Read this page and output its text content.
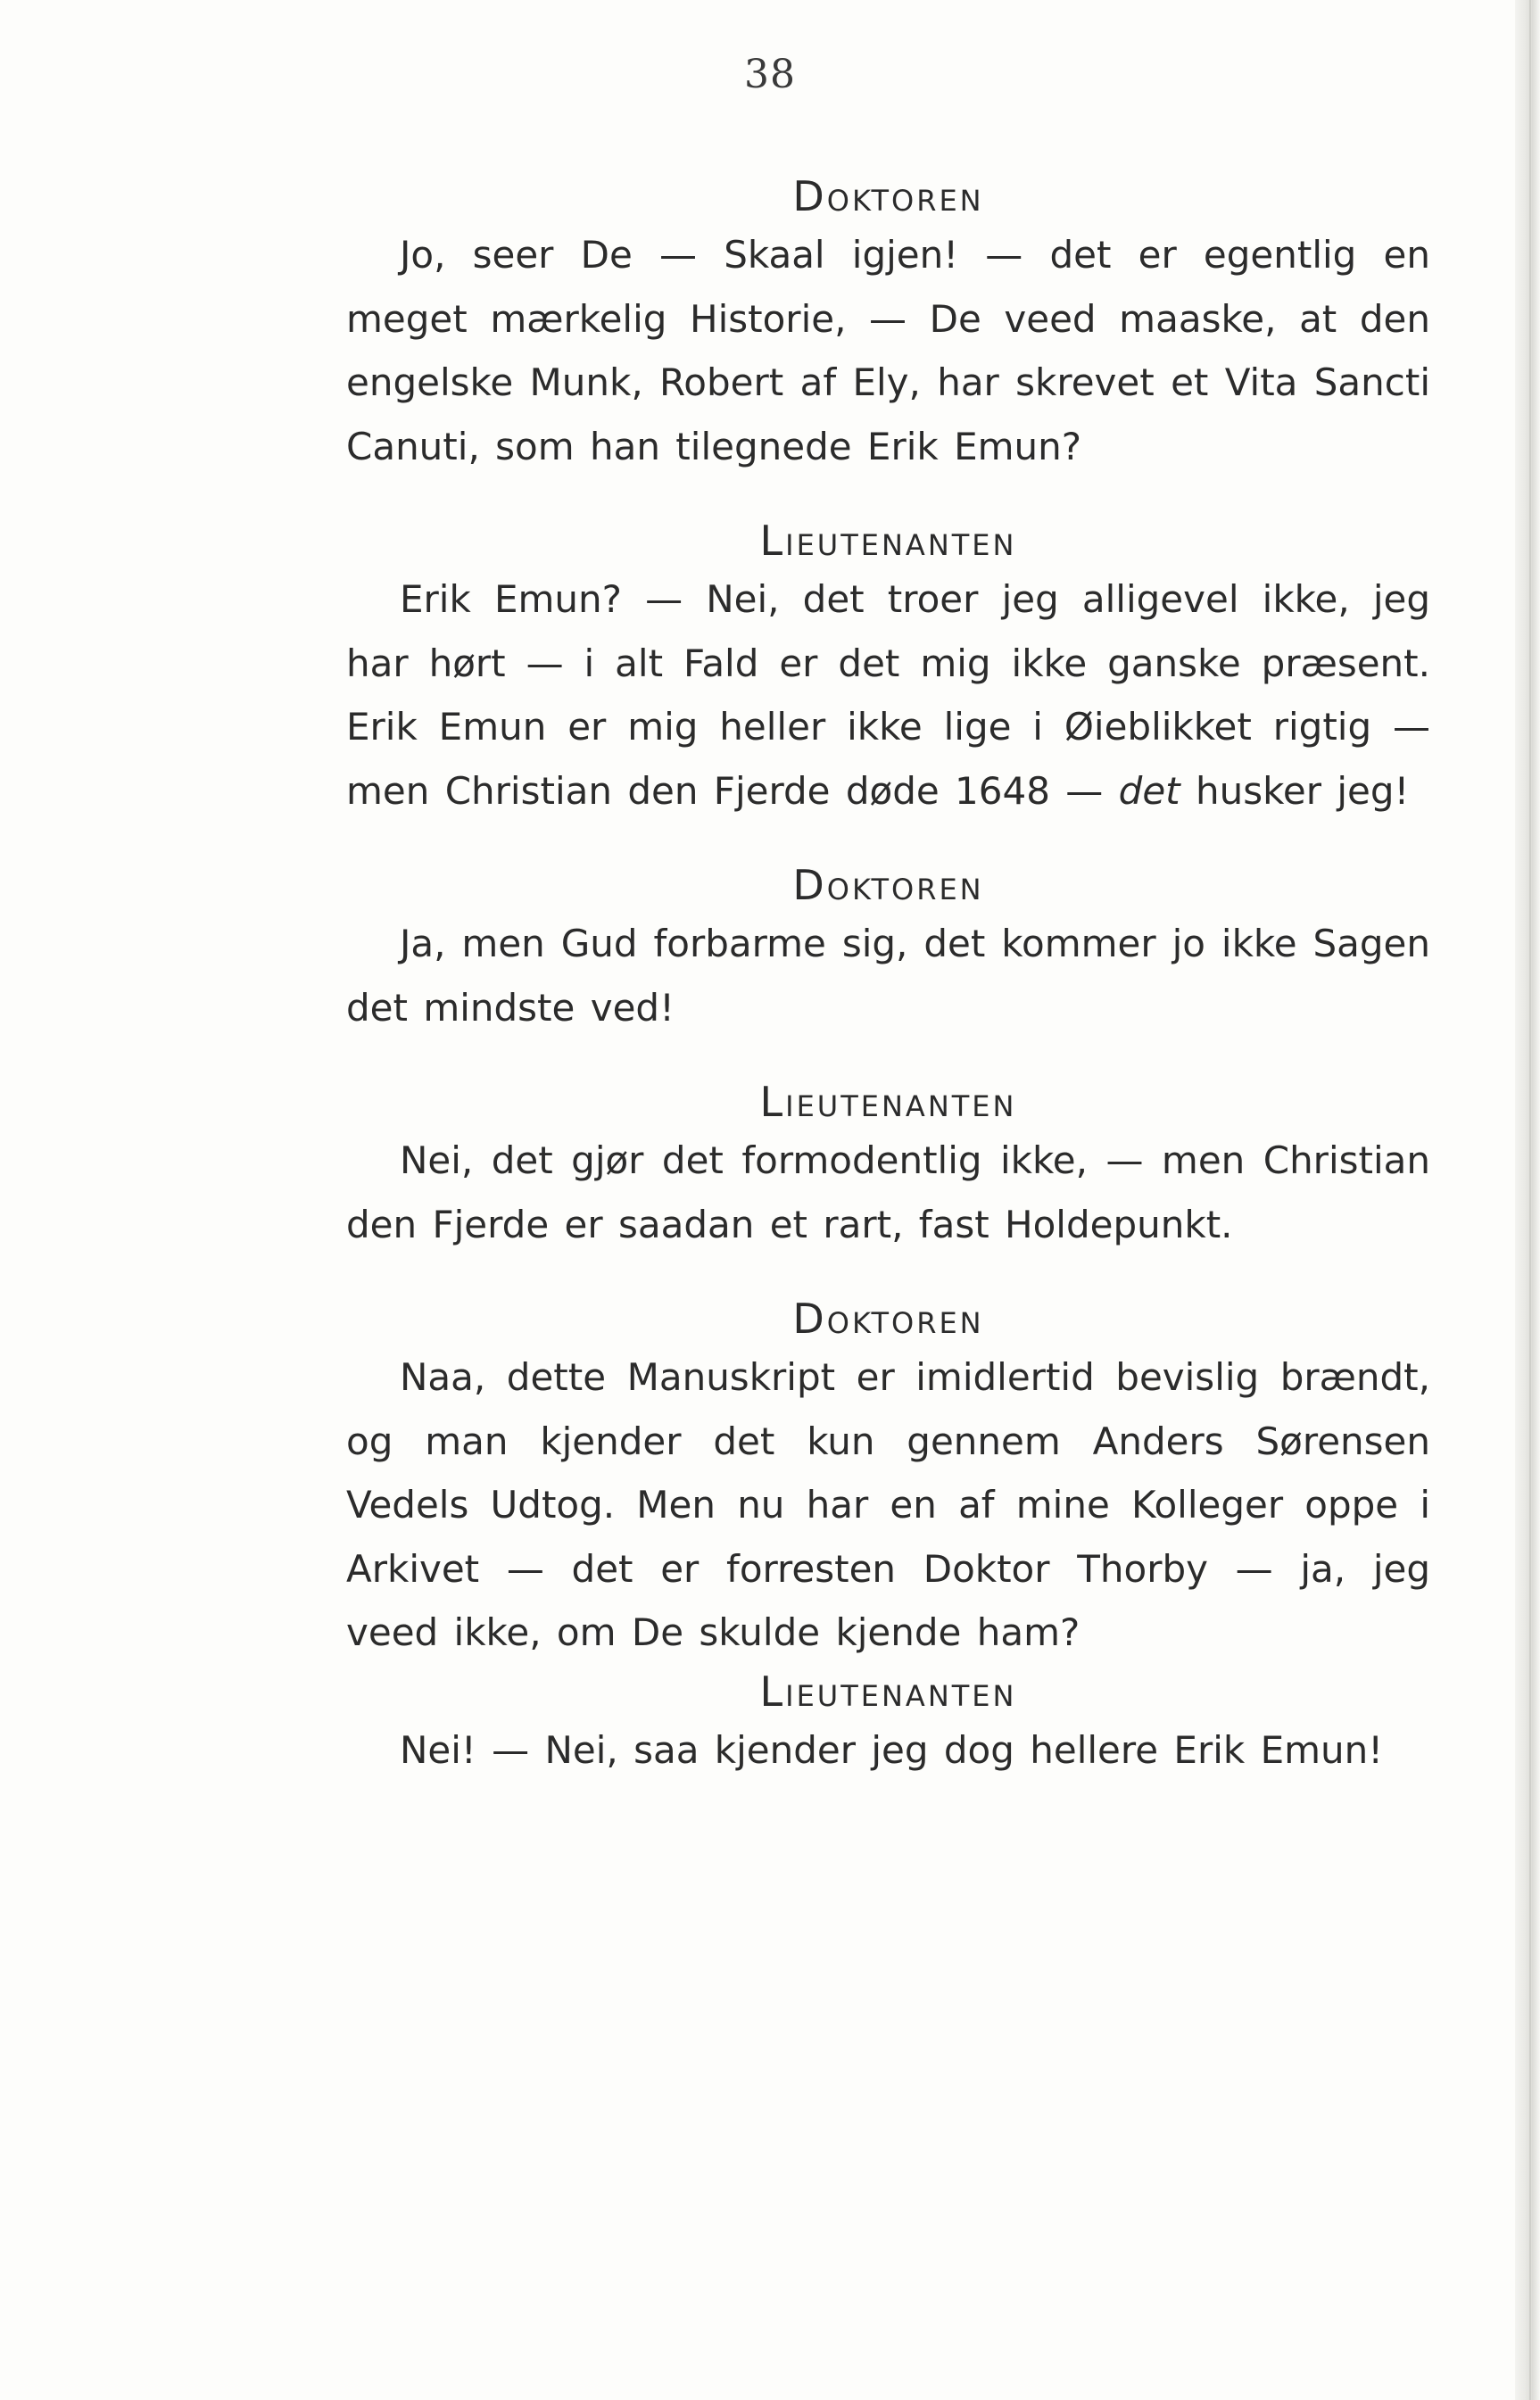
38

Doktoren

Jo, seer De — Skaal igjen! — det er egentlig en meget mærkelig Historie, — De veed maaske, at den engelske Munk, Robert af Ely, har skrevet et Vita Sancti Canuti, som han tilegnede Erik Emun?

Lieutenanten

Erik Emun? — Nei, det troer jeg alligevel ikke, jeg har hørt — i alt Fald er det mig ikke ganske præsent. Erik Emun er mig heller ikke lige i Øieblikket rigtig — men Christian den Fjerde døde 1648 — det husker jeg!

Doktoren

Ja, men Gud forbarme sig, det kommer jo ikke Sagen det mindste ved!

Lieutenanten

Nei, det gjør det formodentlig ikke, — men Christian den Fjerde er saadan et rart, fast Holdepunkt.

Doktoren

Naa, dette Manuskript er imidlertid bevislig brændt, og man kjender det kun gennem Anders Sørensen Vedels Udtog. Men nu har en af mine Kolleger oppe i Arkivet — det er forresten Doktor Thorby — ja, jeg veed ikke, om De skulde kjende ham?

Lieutenanten

Nei! — Nei, saa kjender jeg dog hellere Erik Emun!
